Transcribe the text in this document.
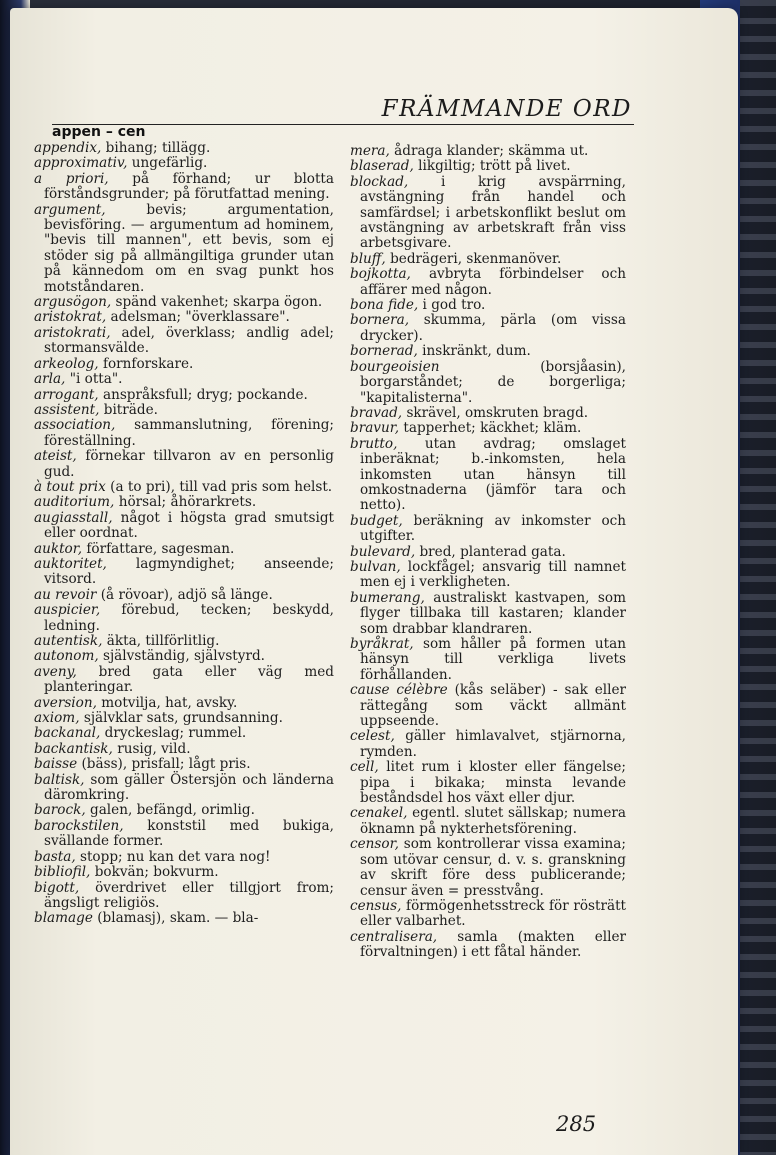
FRÄMMANDE ORD
appen – cen

appendix, bihang; tillägg.

approximativ, ungefärlig.

a priori, på förhand; ur blotta förståndsgrunder; på förutfattad mening.

argument, bevis; argumentation, bevisföring. — argumentum ad hominem, "bevis till mannen", ett bevis, som ej stöder sig på allmängiltiga grunder utan på kännedom om en svag punkt hos motståndaren.

argusögon, spänd vakenhet; skarpa ögon.

aristokrat, adelsman; "överklassare".

aristokrati, adel, överklass; andlig adel; stormansvälde.

arkeolog, fornforskare.

arla, "i otta".

arrogant, anspråksfull; dryg; pockande.

assistent, biträde.

association, sammanslutning, förening; föreställning.

ateist, förnekar tillvaron av en personlig gud.

à tout prix (a to pri), till vad pris som helst.

auditorium, hörsal; åhörarkrets.

augiasstall, något i högsta grad smutsigt eller oordnat.

auktor, författare, sagesman.

auktoritet, lagmyndighet; anseende; vitsord.

au revoir (å rövoar), adjö så länge.

auspicier, förebud, tecken; beskydd, ledning.

autentisk, äkta, tillförlitlig.

autonom, självständig, självstyrd.

aveny, bred gata eller väg med planteringar.

aversion, motvilja, hat, avsky.

axiom, självklar sats, grundsanning.

backanal, dryckeslag; rummel.

backantisk, rusig, vild.

baisse (bäss), prisfall; lågt pris.

baltisk, som gäller Östersjön och länderna däromkring.

barock, galen, befängd, orimlig.

barockstilen, konststil med bukiga, svällande former.

basta, stopp; nu kan det vara nog!

bibliofil, bokvän; bokvurm.

bigott, överdrivet eller tillgjort from; ängsligt religiös.

blamage (blamasj), skam. — bla-

mera, ådraga klander; skämma ut.

blaserad, likgiltig; trött på livet.

blockad, i krig avspärrning, avstängning från handel och samfärdsel; i arbetskonflikt beslut om avstängning av arbetskraft från viss arbetsgivare.

bluff, bedrägeri, skenmanöver.

bojkotta, avbryta förbindelser och affärer med någon.

bona fide, i god tro.

bornera, skumma, pärla (om vissa drycker).

bornerad, inskränkt, dum.

bourgeoisien (borsjåasin), borgarståndet; de borgerliga; "kapitalisterna".

bravad, skrävel, omskruten bragd.

bravur, tapperhet; käckhet; kläm.

brutto, utan avdrag; omslaget inberäknat; b.-inkomsten, hela inkomsten utan hänsyn till omkostnaderna (jämför tara och netto).

budget, beräkning av inkomster och utgifter.

bulevard, bred, planterad gata.

bulvan, lockfågel; ansvarig till namnet men ej i verkligheten.

bumerang, australiskt kastvapen, som flyger tillbaka till kastaren; klander som drabbar klandraren.

byråkrat, som håller på formen utan hänsyn till verkliga livets förhållanden.

cause célèbre (kås seläber) - sak eller rättegång som väckt allmänt uppseende.

celest, gäller himlavalvet, stjärnorna, rymden.

cell, litet rum i kloster eller fängelse; pipa i bikaka; minsta levande beståndsdel hos växt eller djur.

cenakel, egentl. slutet sällskap; numera öknamn på nykterhetsförening.

censor, som kontrollerar vissa examina; som utövar censur, d. v. s. granskning av skrift före dess publicerande; censur även = presstvång.

census, förmögenhetsstreck för rösträtt eller valbarhet.

centralisera, samla (makten eller förvaltningen) i ett fåtal händer.

285
